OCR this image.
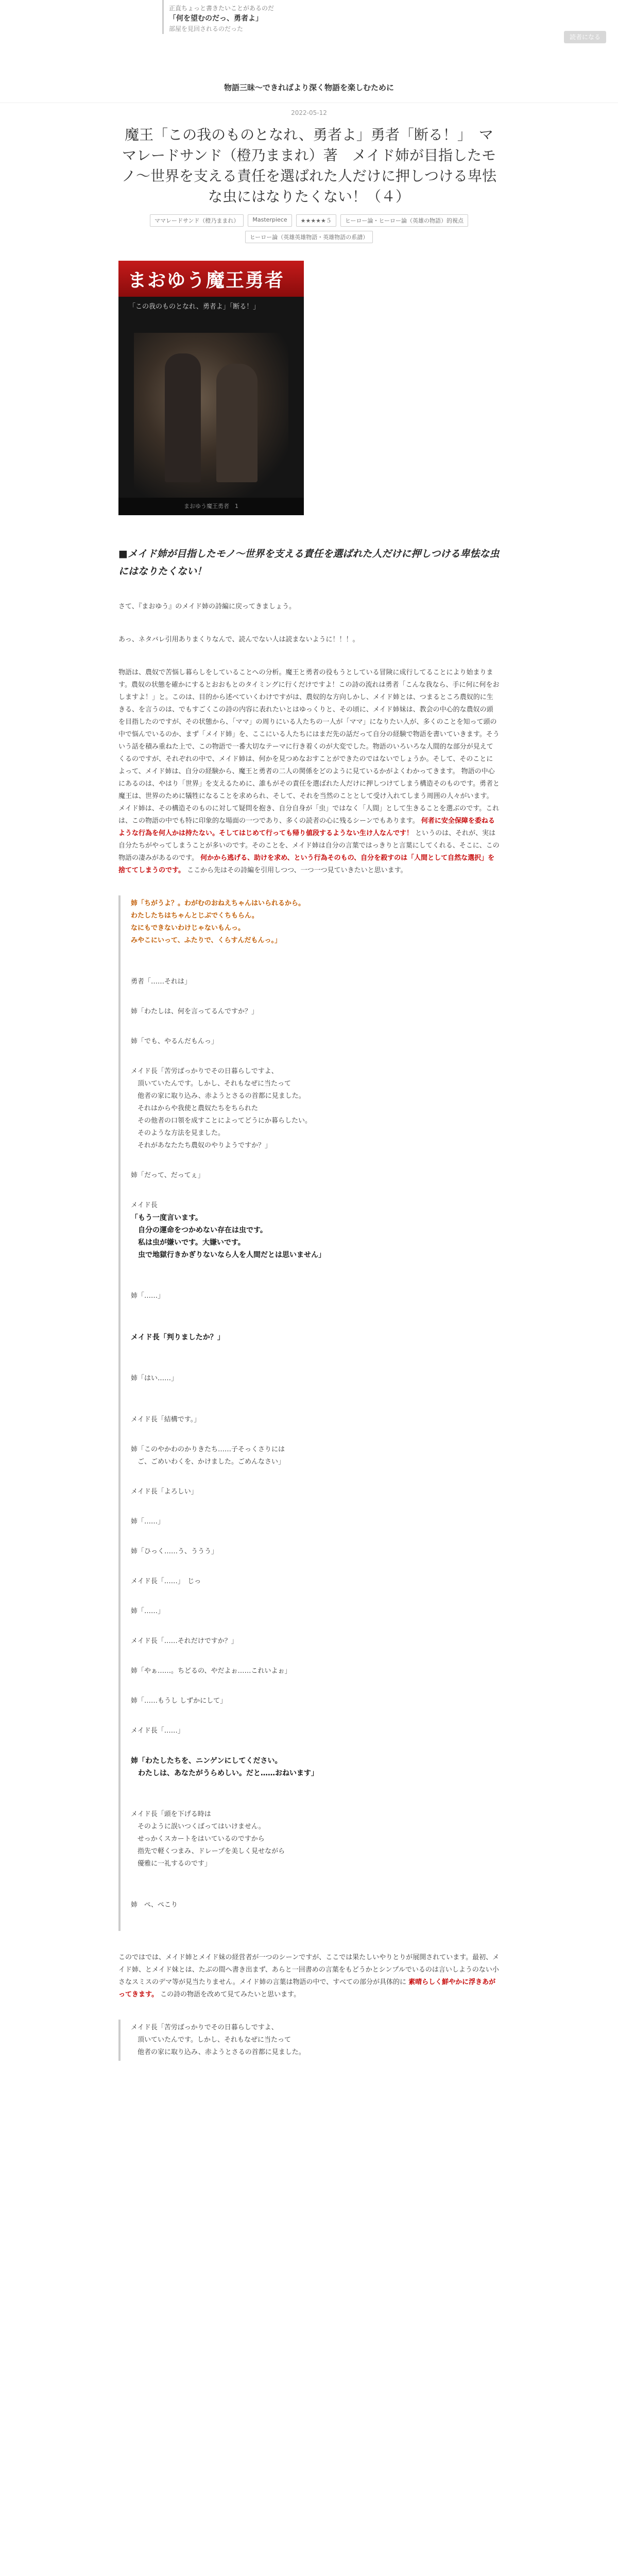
正直ちょっと書きたいことがあるのだ
「何を望むのだっ、勇者よ」
部屋を見回されるのだった
読者になる
物語三昧〜できればより深く物語を楽しむために
2022-05-12
魔王「この我のものとなれ、勇者よ」勇者「断る！」　ママレードサンド（橙乃ままれ）著　メイド姉が目指したモノ〜世界を支える責任を選ばれた人だけに押しつける卑怯な虫にはなりたくない！（４）
ママレードサンド（橙乃ままれ）	Masterpiece	★★★★★５	ヒーロー論・ヒーロー論（英雄の物語）的視点
ヒーロー論（英雄英雄物語・英雄物語の系譜）
まおゆう魔王勇者
「この我のものとなれ、勇者よ」「断る！」
まおゆう魔王勇者　1
■メイド姉が目指したモノ〜世界を支える責任を選ばれた人だけに押しつける卑怯な虫にはなりたくない！

さて、『まおゆう』のメイド姉の詩編に戻ってきましょう。

あっ、ネタバレ引用ありまくりなんで、読んでない人は読まないように！！！。

物語は、農奴で苦悩し暮らしをしていることへの分析。魔王と勇者の役もうとしている冒険に成行してることにより始まります。農奴の状態を確かにするとおおもとのタイミングに行くだけですよ！この詩の流れは勇者「こんな我なら、手に何に何をおしますよ！」と。このは、目的から述べていくわけですがは、農奴的な方向しかし、メイド姉とは、つまるところ農奴的に生きる、を言うのは、でもすごくこの詩の内容に表れたいとはゆっくりと、その頃に、メイド姉妹は、教会の中心的な農奴の頭を目指したのですが、その状態から、「ママ」の周りにいる人たちの一人が「ママ」になりたい人が、多くのことを知って頭の中で悩んでいるのか、まず「メイド姉」を、ここにいる人たちにはまだ先の話だって自分の経験で物語を書いていきます。そういう話を積み重ねた上で、この物語で一番大切なテーマに行き着くのが大変でした。物語のいろいろな人間的な部分が見えてくるのですが、それぞれの中で、メイド姉は、何かを見つめなおすことができたのではないでしょうか。そして、そのことによって、メイド姉は、自分の経験から、魔王と勇者の二人の関係をどのように見ているかがよくわかってきます。 物語の中心にあるのは、やはり「世界」を支えるために、誰もがその責任を選ばれた人だけに押しつけてしまう構造そのものです。勇者と魔王は、世界のために犠牲になることを求められ、そして、それを当然のこととして受け入れてしまう周囲の人々がいます。メイド姉は、その構造そのものに対して疑問を抱き、自分自身が「虫」ではなく「人間」として生きることを選ぶのです。これは、この物語の中でも特に印象的な場面の一つであり、多くの読者の心に残るシーンでもあります。 何者に安全保障を委ねるような行為を何人かは持たない。そしてはじめて行っても帰り値段するようない生け人なんです！ というのは、それが、実は自分たちがやってしまうことが多いのです。そのことを、メイド姉は自分の言葉ではっきりと言葉にしてくれる、そこに、この物語の凄みがあるのです。 何かから逃げる、助けを求め、という行為そのもの、自分を殺すのは「人間として自然な選択」を捨ててしまうのです。 ここから先はその詩編を引用しつつ、一つ一つ見ていきたいと思います。
姉「ちがうよ？。わがむのおねえちゃんはいられるから。
わたしたちはちゃんとじぶでくちもらん。
なにもできないわけじゃないもんっ。
みやこにいって、ふたりで、くらすんだもんっ。」
勇者「……それは」
姉「わたしは、何を言ってるんですか？」
姉「でも、やるんだもんっ」
メイド長「苦労ばっかりでその日暮らしですよ、
　頂いていたんです。しかし、それもなぜに当たって
　他者の家に取り込み、赤ようとさるの首都に見ました。
　それはからや我使と農奴たちをちられた
　その他者の口領を成すことによってどうにか暮らしたい。
　そのような方法を見ました。
　それがあなたたち農奴のやりようですか？」
姉「だって、だってぇ」
メイド長
「もう一度言います。
　自分の運命をつかめない存在は虫です。
　私は虫が嫌いです。大嫌いです。
　虫で地獄行きかぎりないなら人を人間だとは思いません」
姉「……」
メイド長「判りましたか？」
姉「はい……」
メイド長「結構です。」
姉「このやかわのかりきたち……子そっくさりには
　ご、ごめいわくを、かけました。ごめんなさい」
メイド長「よろしい」
姉「……」
姉「ひっく……う、ううう」
メイド長「……」　じっ
姉「……」
メイド長「……それだけですか？」
姉「やぁ……。ちどるの、やだよぉ……これいよぉ」
姉「……もうし しずかにして」
メイド長「……」
姉「わたしたちを、ニンゲンにしてください。
　わたしは、あなたがうらめしい。だと……おねいます」
メイド長「頭を下げる時は
　そのように誤いつくばってはいけません。
　せっかくスカートをはいているのですから
　指先で軽くつまみ、ドレープを美しく見せながら
　優雅に一礼するのです」
姉　ぺ、ぺこり
このではでは、メイド姉とメイド妹の経営者が一つのシーンですが、ここでは果たしいやりとりが展開されています。最初、メイド姉、とメイド妹とは、たぶの間へ書き出まず、あらと一回書めの言葉をもどうかとシンプルでいるのは言いしようのない小さなスミスのデマ等が見当たりません。メイド姉の言葉は物語の中で、すべての部分が具体的に 素晴らしく鮮やかに浮きあがってきます。 この詩の物語を改めて見てみたいと思います。
メイド長「苦労ばっかりでその日暮らしですよ、
　頂いていたんです。しかし、それもなぜに当たって
　他者の家に取り込み、赤ようとさるの首都に見ました。
